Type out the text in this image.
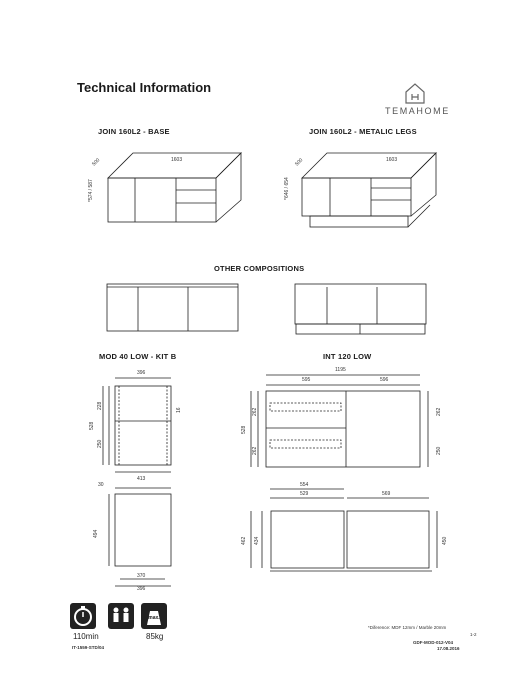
Technical Information
TEMAHOME
JOIN 160L2 - BASE	JOIN 160L2 - METALIC LEGS
OTHER COMPOSITIONS
MOD 40 LOW - KIT B	INT 120 LOW
1603
500
*574 / 587
1603
500
*646 / 654
396
228
250
528
16
413
30
494
370
396
1195
595	596
528
262
262
262
250
554
529	569
462 434	450
max.
110min	85kg
IT-1559-STD/04
*Diference: MDF 12mm / Marble 20mm
1-2
GDF-MOD-012-V04
17.08.2016
